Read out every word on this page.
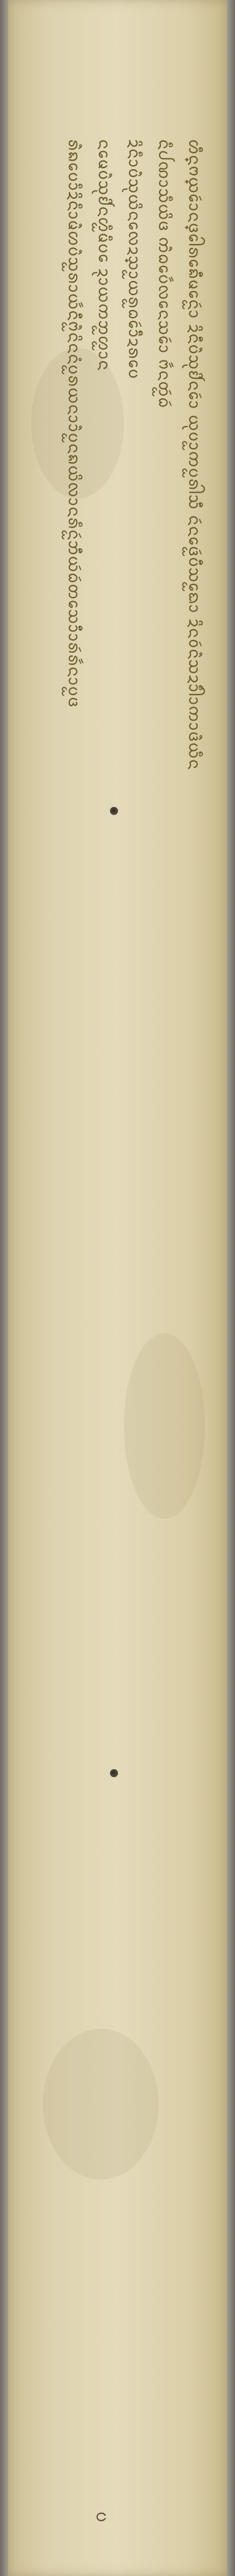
ᩉᩧ᩠ᨶᨻ᩠ᨿᩮᩢᩣᨶ᩠ᨴᩮᩤᩁᩮᨦᩥᩢᨾᩮᨶᩬᩢᩣ ᨯᩦᨶᩥᩢᨷᩫᩈᩩᩀᩦᨶᩮᩢᩣ ᨿᩩᨷᩣᩬᨠᨷᩬᩁᩤᩈᩥᩢ ᨶᩢᨶᩮᨴᩬᩢᨷᩥᩢᩈᩮᩬᨳᩣ ᨯᩦᨶᩅᩢᨶᩫᩈᨯᩣᩥᩤᩣᨠᩣᨴᩫᨿᩥᨶ
ᨶᩥᨸᨱᩣᩈᩥᨿᩦᨴ ᨠᩫᨵᩮᨷᩢᩢᩃᩮᨶᩈᩮᩢᩣ ᨻᩢᩢᨶᨲᩬᩢᨵᩢ
ᨯᩦᨶᩥᩣᨷᩫᩈᩩᨿᩦᨶᩮᩃᨯ᩠ᩈᩣᩬᨿᩁᩬᨵᩮᩢᩣᩥᩦᨯᩁᩮᨷ
ᨶᩮᨾᨷᩫᩈᩩᩀᩦᨶᩉᩥᩬᨾᩥᨷᩮ ᨯᩩᩣᨿᨠᨽᩬᩉᩬᩣᨶ
ᩁᩫᨦᩮᨷᩣᩥᨯᩦᨶᩥᩣᨾᩫᩉᨷᩫᩈᩬᩁᩣᨿᩢᩢᨶᩥᩢᨻᩫᩬᨶᩦᨶᨶᩴᨷᩬᩁᨿᨶᩣᩣᩫᨷᩬᨶᨦᨿᩦᩃᩣᨶᩁᩥᨶᩬᩢᨽᩥᩢᨿᩢᨵᩢᨲᩮᩈᩣᩥᩢᩣᩁᩢᩁᩢᩢᨶᩣᨷᩬᨴ
ᨷ
